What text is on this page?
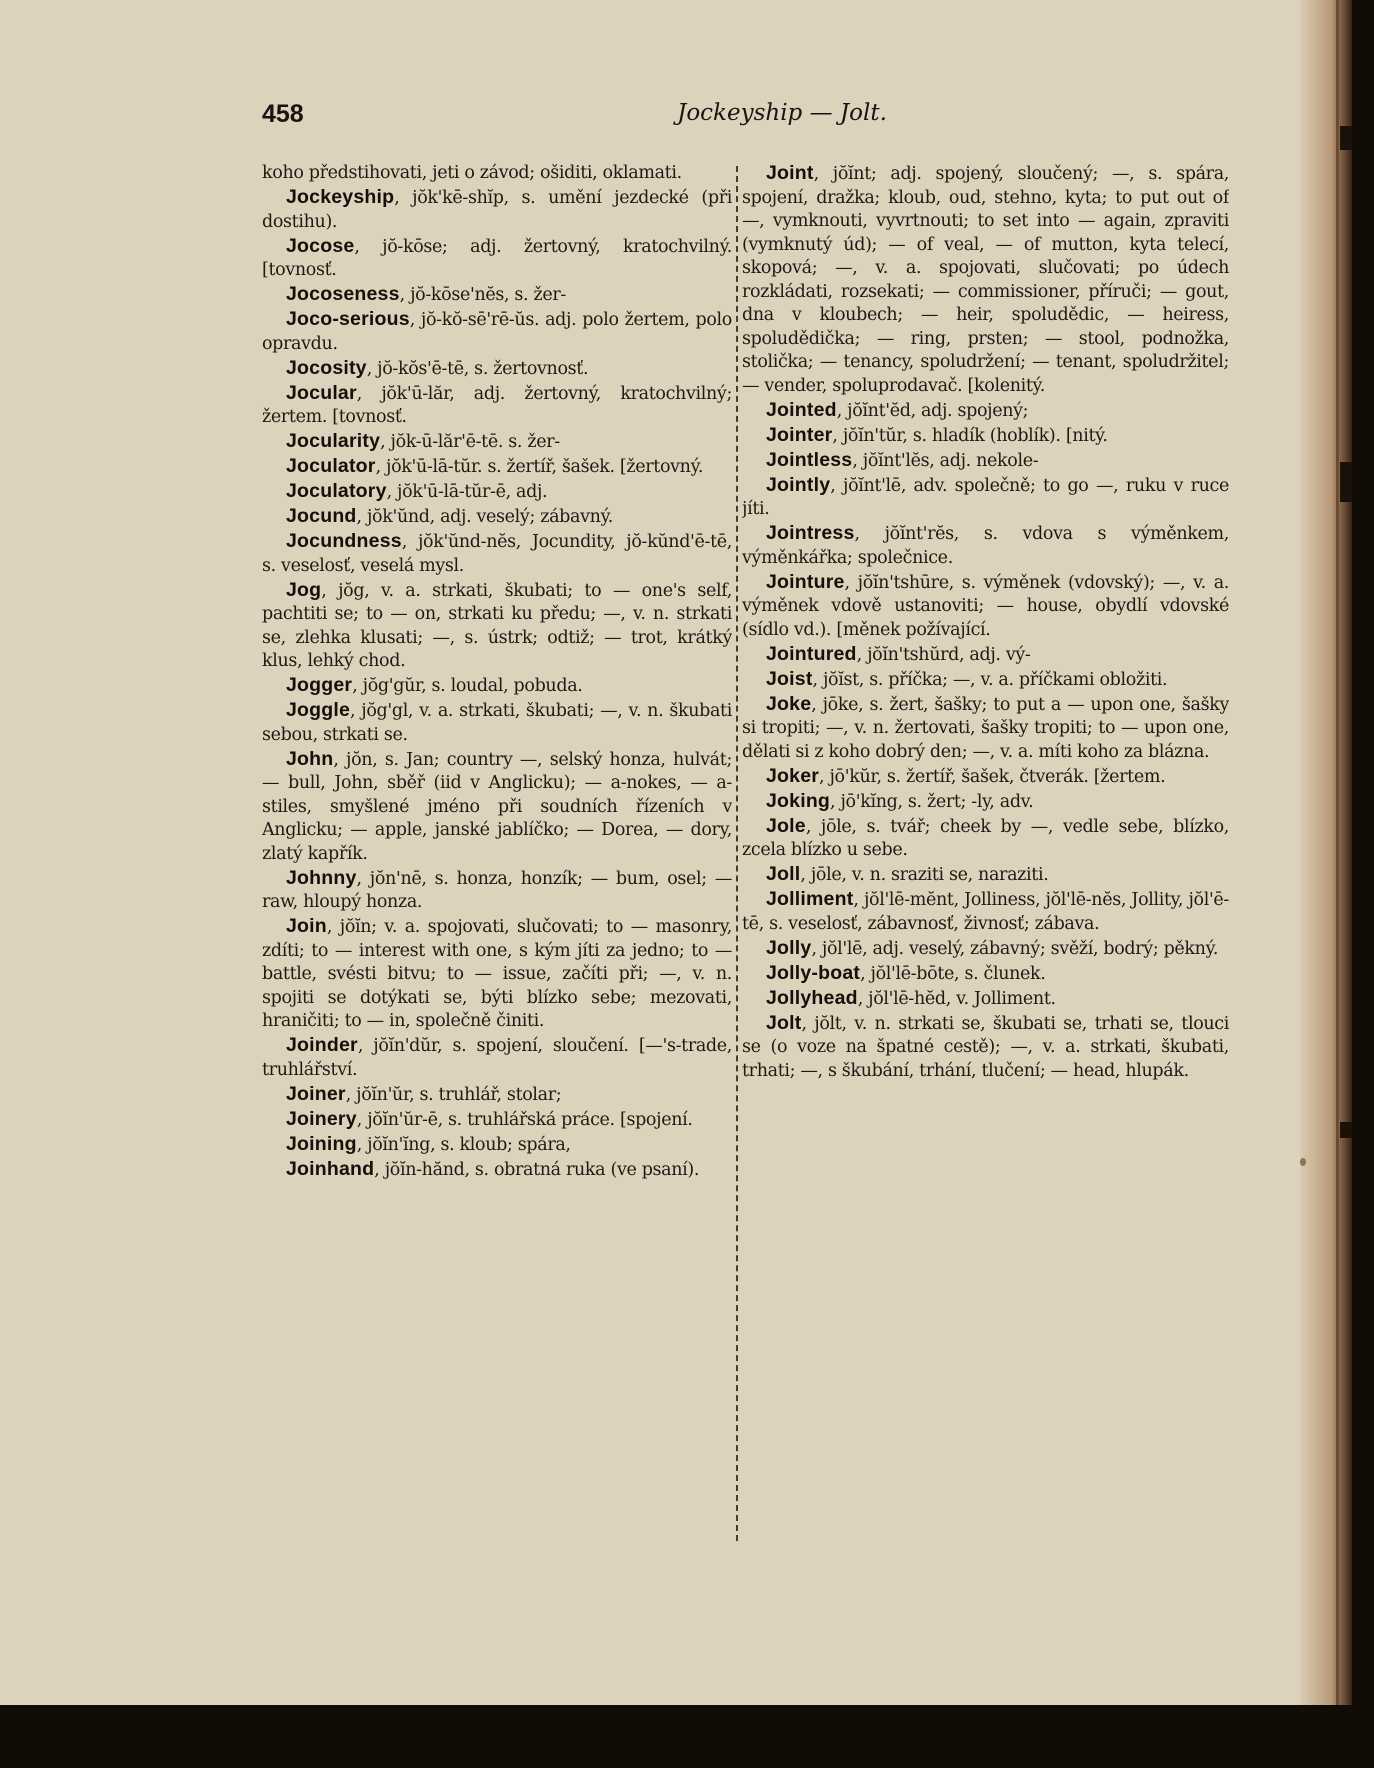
458	Jockeyship — Jolt.

koho předstihovati, jeti o závod; ošiditi, oklamati.

Jockeyship, jŏk'kē-shĭp, s. umění jezdecké (při dostihu).

Jocose, jŏ-kōse; adj. žertovný, kratochvilný. [tovnosť.

Jocoseness, jŏ-kōse'nĕs, s. žer-

Joco-serious, jŏ-kŏ-sē'rē-ŭs. adj. polo žertem, polo opravdu.

Jocosity, jŏ-kŏs'ē-tē, s. žertovnosť.

Jocular, jŏk'ū-lăr, adj. žertovný, kratochvilný; žertem. [tovnosť.

Jocularity, jŏk-ū-lăr'ē-tē. s. žer-

Joculator, jŏk'ū-lā-tŭr. s. žertíř, šašek. [žertovný.

Joculatory, jŏk'ū-lā-tŭr-ē, adj.

Jocund, jŏk'ŭnd, adj. veselý; zábavný.

Jocundness, jŏk'ŭnd-nĕs, Jocundity, jŏ-kŭnd'ē-tē, s. veselosť, veselá mysl.

Jog, jŏg, v. a. strkati, škubati; to — one's self, pachtiti se; to — on, strkati ku předu; —, v. n. strkati se, zlehka klusati; —, s. ústrk; odtiž; — trot, krátký klus, lehký chod.

Jogger, jŏg'gŭr, s. loudal, pobuda.

Joggle, jŏg'gl, v. a. strkati, škubati; —, v. n. škubati sebou, strkati se.

John, jŏn, s. Jan; country —, selský honza, hulvát; — bull, John, sběř (iid v Anglicku); — a-nokes, — a-stiles, smyšlené jméno při soudních řízeních v Anglicku; — apple, janské jablíčko; — Dorea, — dory, zlatý kapřík.

Johnny, jŏn'nē, s. honza, honzík; — bum, osel; — raw, hloupý honza.

Join, jŏĭn; v. a. spojovati, slučovati; to — masonry, zdíti; to — interest with one, s kým jíti za jedno; to — battle, svésti bitvu; to — issue, začíti při; —, v. n. spojiti se dotýkati se, býti blízko sebe; mezovati, hraničiti; to — in, společně činiti.

Joinder, jŏĭn'dŭr, s. spojení, sloučení. [—'s-trade, truhlářství.

Joiner, jŏĭn'ŭr, s. truhlář, stolar;

Joinery, jŏĭn'ŭr-ē, s. truhlářská práce. [spojení.

Joining, jŏĭn'ĭng, s. kloub; spára,

Joinhand, jŏĭn-hănd, s. obratná ruka (ve psaní).

Joint, jŏĭnt; adj. spojený, sloučený; —, s. spára, spojení, dražka; kloub, oud, stehno, kyta; to put out of —, vymknouti, vyvrtnouti; to set into — again, zpraviti (vymknutý úd); — of veal, — of mutton, kyta telecí, skopová; —, v. a. spojovati, slučovati; po údech rozkládati, rozsekati; — commissioner, příruči; — gout, dna v kloubech; — heir, spoludědic, — heiress, spoludědička; — ring, prsten; — stool, podnožka, stolička; — tenancy, spoludržení; — tenant, spoludržitel; — vender, spoluprodavač. [kolenitý.

Jointed, jŏĭnt'ĕd, adj. spojený;

Jointer, jŏĭn'tŭr, s. hladík (hoblík). [nitý.

Jointless, jŏĭnt'lĕs, adj. nekole-

Jointly, jŏĭnt'lē, adv. společně; to go —, ruku v ruce jíti.

Jointress, jŏĭnt'rĕs, s. vdova s výměnkem, výměnkářka; společnice.

Jointure, jŏĭn'tshūre, s. výměnek (vdovský); —, v. a. výměnek vdově ustanoviti; — house, obydlí vdovské (sídlo vd.). [měnek požívající.

Jointured, jŏĭn'tshŭrd, adj. vý-

Joist, jŏĭst, s. příčka; —, v. a. příčkami obložiti.

Joke, jōke, s. žert, šašky; to put a — upon one, šašky si tropiti; —, v. n. žertovati, šašky tropiti; to — upon one, dělati si z koho dobrý den; —, v. a. míti koho za blázna.

Joker, jō'kŭr, s. žertíř, šašek, čtverák. [žertem.

Joking, jō'kĭng, s. žert; -ly, adv.

Jole, jōle, s. tvář; cheek by —, vedle sebe, blízko, zcela blízko u sebe.

Joll, jōle, v. n. sraziti se, naraziti.

Jolliment, jŏl'lē-mĕnt, Jolliness, jŏl'lē-nĕs, Jollity, jŏl'ē-tē, s. veselosť, zábavnosť, živnosť; zábava.

Jolly, jŏl'lē, adj. veselý, zábavný; svěží, bodrý; pěkný.

Jolly-boat, jŏl'lē-bōte, s. člunek.

Jollyhead, jŏl'lē-hĕd, v. Jolliment.

Jolt, jŏlt, v. n. strkati se, škubati se, trhati se, tlouci se (o voze na špatné cestě); —, v. a. strkati, škubati, trhati; —, s škubání, trhání, tlučení; — head, hlupák.
